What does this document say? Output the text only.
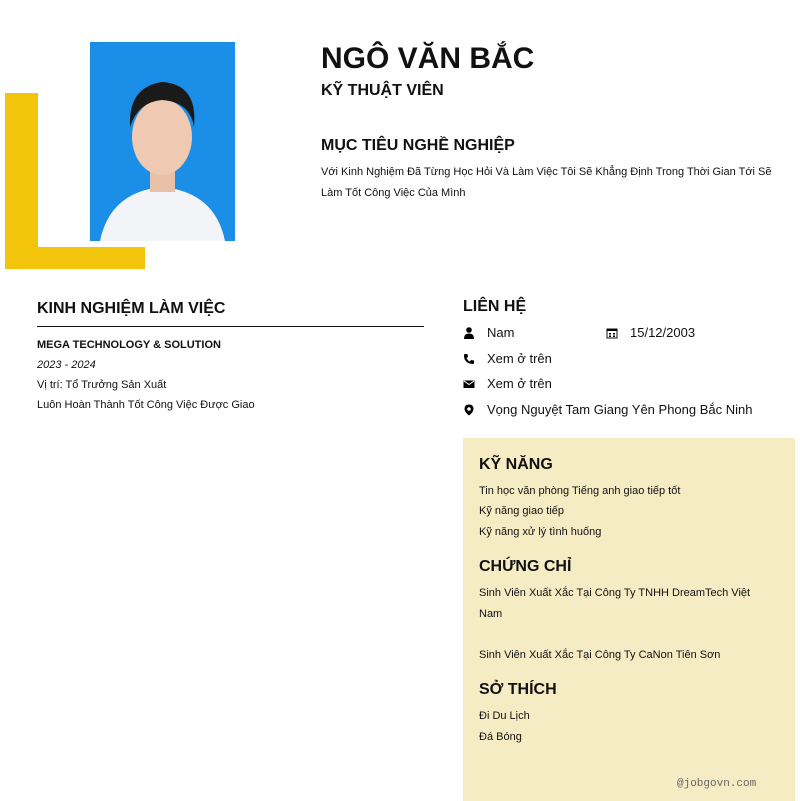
NGÔ VĂN BẮC
KỸ THUẬT VIÊN
MỤC TIÊU NGHỀ NGHIỆP
Với Kinh Nghiệm Đã Từng Học Hỏi Và Làm Việc Tôi Sẽ Khẳng Định Trong Thời Gian Tới Sẽ Làm Tốt Công Việc Của Mình
KINH NGHIỆM LÀM VIỆC
MEGA TECHNOLOGY & SOLUTION
2023 - 2024
Vị trí: Tổ Trưởng Sản Xuất
Luôn Hoàn Thành Tốt Công Việc Được Giao
LIÊN HỆ
Nam	15/12/2003
Xem ở trên
Xem ở trên
Vọng Nguyệt Tam Giang Yên Phong Bắc Ninh
KỸ NĂNG
Tin học văn phòng Tiếng anh giao tiếp tốt
Kỹ năng giao tiếp
Kỹ năng xử lý tình huống
CHỨNG CHỈ
Sinh Viên Xuất Xắc Tại Công Ty TNHH DreamTech Việt Nam
Sinh Viên Xuất Xắc Tại Công Ty CaNon Tiên Sơn
SỞ THÍCH
Đi Du Lịch
Đá Bóng
@jobgovn.com
